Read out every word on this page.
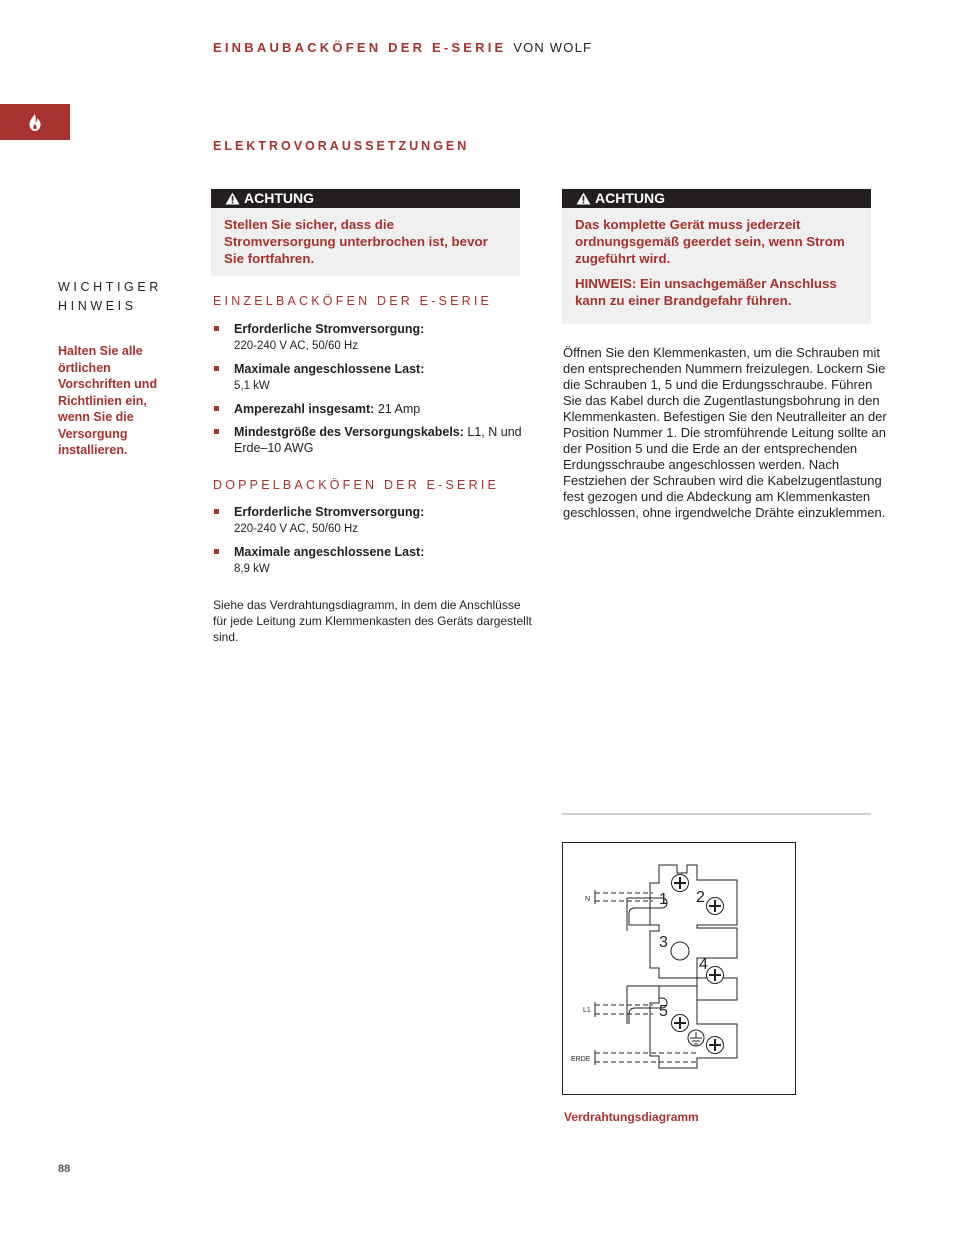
EINBAUBACKÖFEN DER E-SERIE VON WOLF
ELEKTROVORAUSSETZUNGEN
WICHTIGER
HINWEIS
Halten Sie alle örtlichen Vorschriften und Richtlinien ein, wenn Sie die Versorgung installieren.
ACHTUNG

Stellen Sie sicher, dass die Stromversorgung unterbrochen ist, bevor Sie fortfahren.

ACHTUNG

Das komplette Gerät muss jederzeit ordnungsgemäß geerdet sein, wenn Strom zugeführt wird.

HINWEIS: Ein unsachgemäßer Anschluss kann zu einer Brandgefahr führen.

EINZELBACKÖFEN DER E-SERIE
Erforderliche Stromversorgung:
220-240 V AC, 50/60 Hz
Maximale angeschlossene Last:
5,1 kW
Amperezahl insgesamt: 21 Amp
Mindestgröße des Versorgungskabels: L1, N und Erde–10 AWG
DOPPELBACKÖFEN DER E-SERIE
Erforderliche Stromversorgung:
220-240 V AC, 50/60 Hz
Maximale angeschlossene Last:
8,9 kW
Siehe das Verdrahtungsdiagramm, in dem die Anschlüsse für jede Leitung zum Klemmenkasten des Geräts dargestellt sind.
Öffnen Sie den Klemmenkasten, um die Schrauben mit den entsprechenden Nummern freizulegen. Lockern Sie die Schrauben 1, 5 und die Erdungsschraube. Führen Sie das Kabel durch die Zugentlastungsbohrung in den Klemmenkasten. Befestigen Sie den Neutralleiter an der Position Nummer 1. Die stromführende Leitung sollte an der Position 5 und die Erde an der entsprechenden Erdungsschraube angeschlossen werden. Nach Festziehen der Schrauben wird die Kabelzugentlastung fest gezogen und die Abdeckung am Klemmenkasten geschlossen, ohne irgendwelche Drähte einzuklemmen.
1 2
3
4
5
N
L1
ERDE
Verdrahtungsdiagramm
88
